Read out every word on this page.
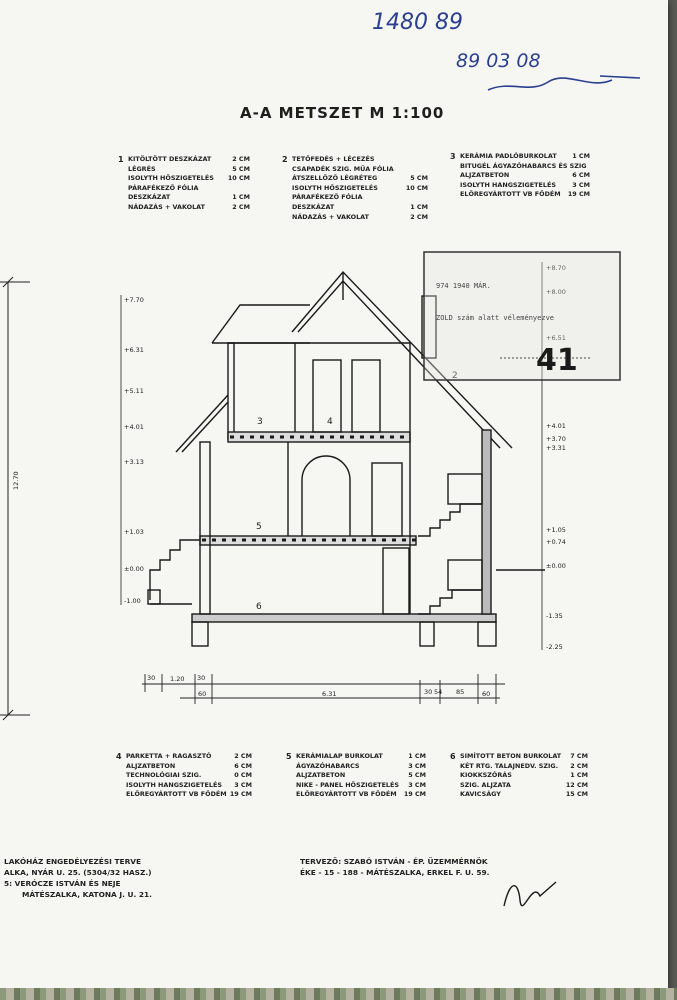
1480 89
89 03 08
A-A METSZET M 1:100
1 KITÖLTÖTT DESZKÁZAT	2 CM
LÉGRÉS	5 CM
ISOLYTH HŐSZIGETELÉS 10 CM
PÁRAFÉKEZŐ FÓLIA
DESZKÁZAT	1 CM
NÁDAZÁS + VAKOLAT	2 CM
2 TETŐFEDÉS + LÉCEZÉS
CSAPADÉK SZIG. MŰA FÓLIA
ÁTSZELLŐZŐ LÉGRÉTEG	5 CM
ISOLYTH HŐSZIGETELÉS	10 CM
PÁRAFÉKEZŐ FÓLIA
DESZKÁZAT	1 CM
NÁDAZÁS + VAKOLAT	2 CM
3 KERÁMIA PADLÓBURKOLAT 1 CM
BITUGÉL ÁGYAZÓHABARCS ÉS SZIG
ALJZATBETON	6 CM
ISOLYTH HANGSZIGETELÉS	3 CM
ELŐREGYÁRTOTT VB FÖDÉM 19 CM
4 PARKETTA + RAGASZTÓ	2 CM
ALJZATBETON	6 CM
TECHNOLÓGIAI SZIG.	0 CM
ISOLYTH HANGSZIGETELÉS 3 CM
ELŐREGYÁRTOTT VB FÖDÉM 19 CM
5 KERÁMIALAP BURKOLAT	1 CM
ÁGYAZÓHABARCS	3 CM
ALJZATBETON	5 CM
NIKE - PANEL HŐSZIGETELÉS 3 CM
ELŐREGYÁRTOTT VB FÖDÉM 19 CM
6 SIMÍTOTT BETON BURKOLAT 7 CM
KÉT RTG. TALAJNEDV. SZIG. 2 CM
KIOKKSZÓRÁS	1 CM
SZIG. ALJZATA	12 CM
KAVICSÁGY	15 CM
3	4
5
6
+7.70
+6.31
+5.11
+4.01
+3.13
+1.03
±0.00
-1.00
+4.01
+3.70
+3.31
+1.05
+0.74
±0.00
-1.35
-2.25
12.70
30 1.20 30
60	6.31	30 54 85	60
974 1940 MÁR.
ZOLD szám alatt véleményezve
41
LAKÓHÁZ ENGEDÉLYEZÉSI TERVE
ALKA, NYÁR U. 25. (5304/32 HASZ.)
5: VERÓCZE ISTVÁN ÉS NEJE
MÁTÉSZALKA, KATONA J. U. 21.
TERVEZŐ: SZABÓ ISTVÁN - ÉP. ÜZEMMÉRNÖK
ÉKE - 15 - 188 - MÁTÉSZALKA, ERKEL F. U. 59.
